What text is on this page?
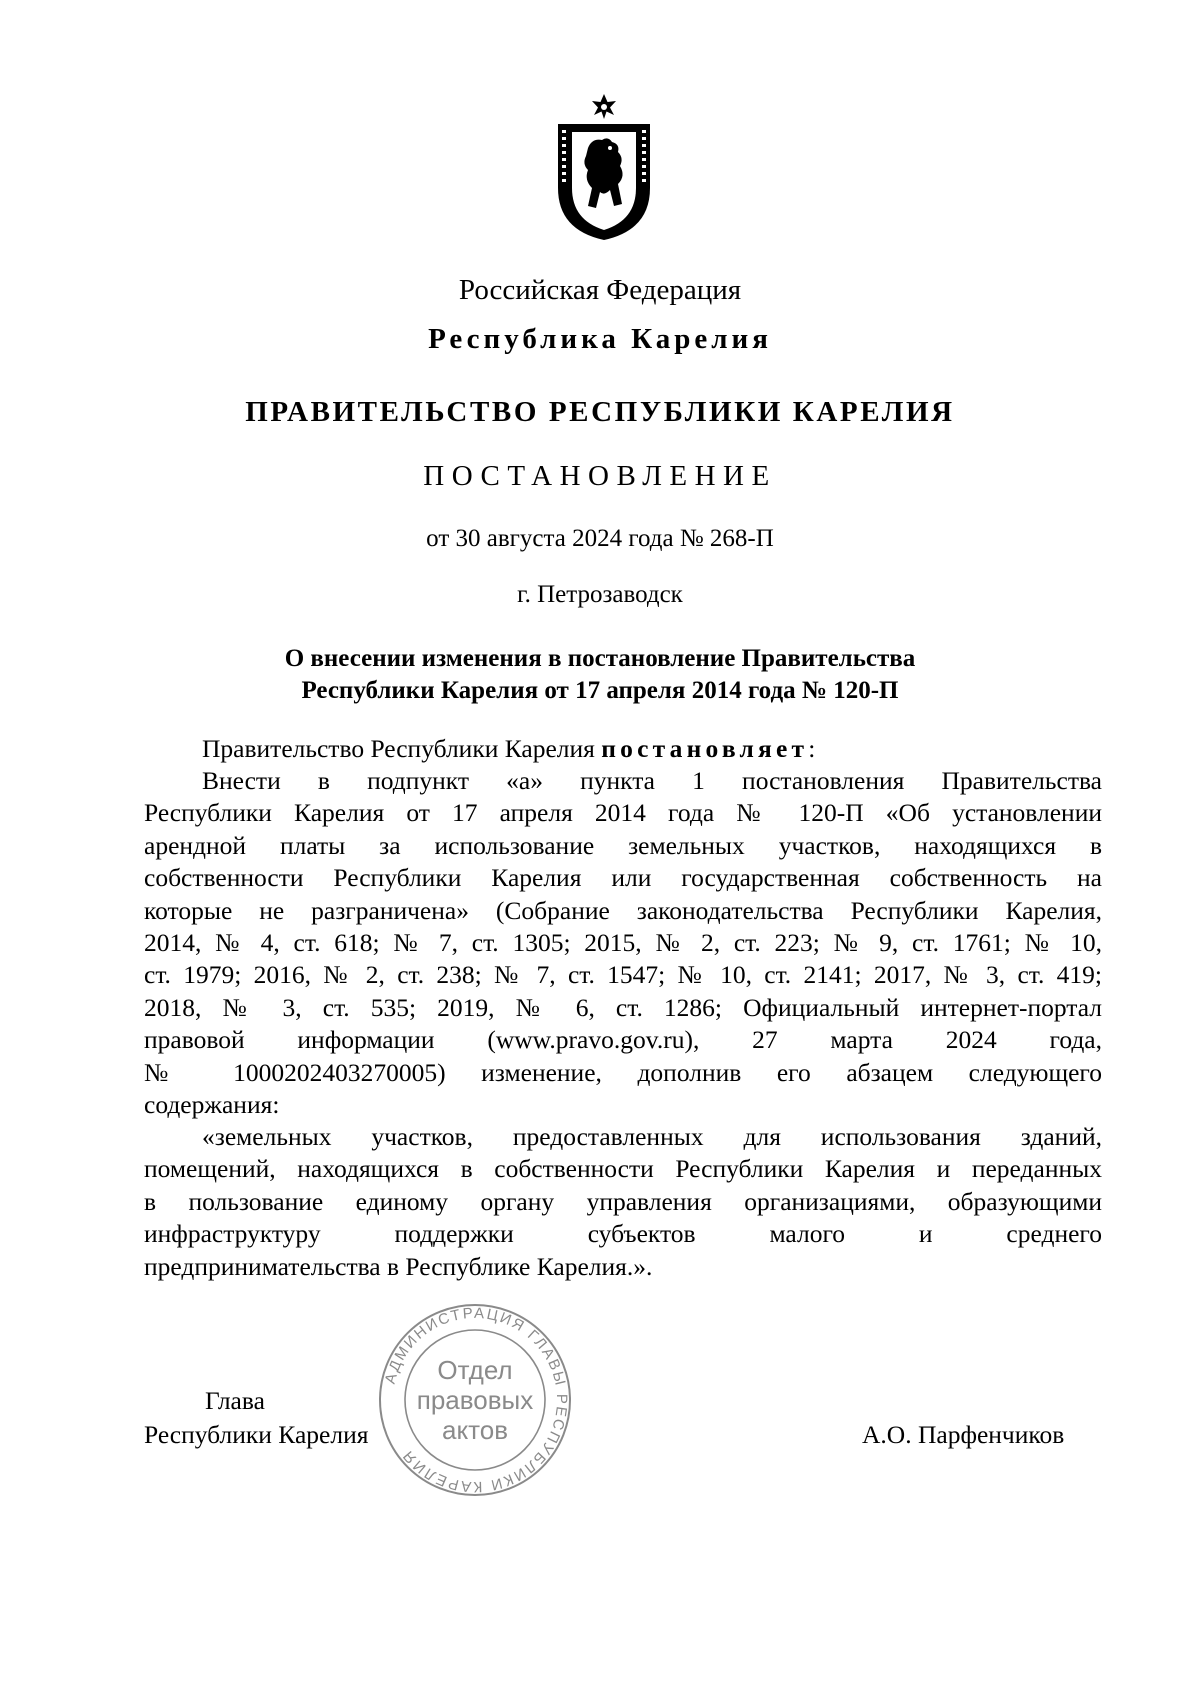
Российская Федерация
Республика Карелия
ПРАВИТЕЛЬСТВО РЕСПУБЛИКИ КАРЕЛИЯ
ПОСТАНОВЛЕНИЕ
от 30 августа 2024 года № 268-П
г. Петрозаводск
О внесении изменения в постановление Правительства
Республики Карелия от 17 апреля 2014 года № 120-П
Правительство Республики Карелия постановляет:
Внести в подпункт «а» пункта 1 постановления Правительства
Республики Карелия от 17 апреля 2014 года № 120-П «Об установлении
арендной платы за использование земельных участков, находящихся в
собственности Республики Карелия или государственная собственность на
которые не разграничена» (Собрание законодательства Республики Карелия,
2014, № 4, ст. 618; № 7, ст. 1305; 2015, № 2, ст. 223; № 9, ст. 1761; № 10,
ст. 1979; 2016, № 2, ст. 238; № 7, ст. 1547; № 10, ст. 2141; 2017, № 3, ст. 419;
2018, № 3, ст. 535; 2019, № 6, ст. 1286; Официальный интернет-портал
правовой информации (www.pravo.gov.ru), 27 марта 2024 года,
№ 1000202403270005) изменение, дополнив его абзацем следующего
содержания:
«земельных участков, предоставленных для использования зданий,
помещений, находящихся в собственности Республики Карелия и переданных
в пользование единому органу управления организациями, образующими
инфраструктуру поддержки субъектов малого и среднего
предпринимательства в Республике Карелия.».
Глава
Республики Карелия	А.О. Парфенчиков
АДМИНИСТРАЦИЯ ГЛАВЫ РЕСПУБЛИКИ КАРЕЛИЯ
Отдел
правовых
актов
